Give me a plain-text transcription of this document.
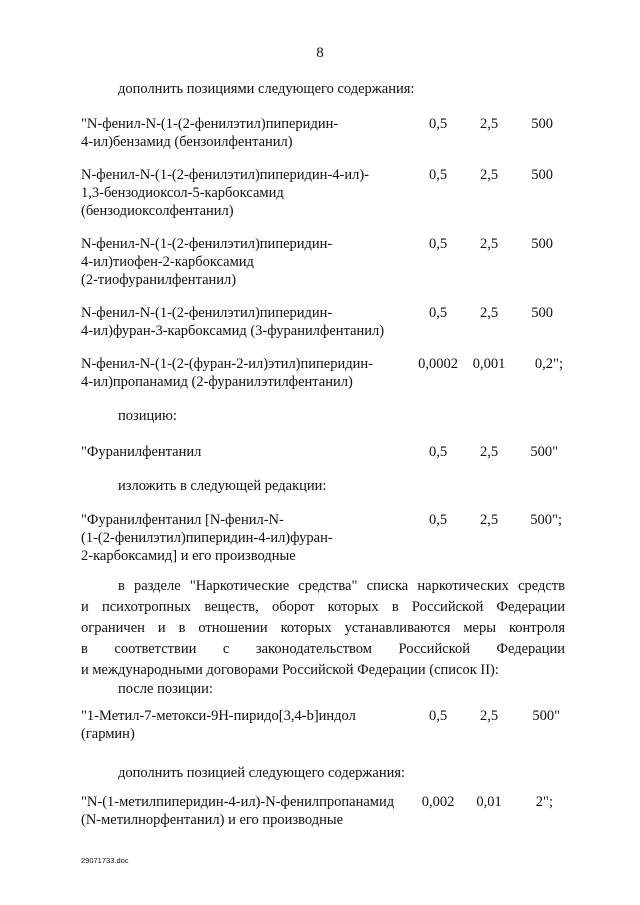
8
дополнить позициями следующего содержания:
"N-фенил-N-(1-(2-фенилэтил)пиперидин-
4-ил)бензамид (бензоилфентанил)
0,5	2,5	500
N-фенил-N-(1-(2-фенилэтил)пиперидин-4-ил)-
1,3-бензодиоксол-5-карбоксамид
(бензодиоксолфентанил)
0,5	2,5	500
N-фенил-N-(1-(2-фенилэтил)пиперидин-
4-ил)тиофен-2-карбоксамид
(2-тиофуранилфентанил)
0,5	2,5	500
N-фенил-N-(1-(2-фенилэтил)пиперидин-
4-ил)фуран-3-карбоксамид (3-фуранилфентанил)
0,5	2,5	500
N-фенил-N-(1-(2-(фуран-2-ил)этил)пиперидин-
4-ил)пропанамид (2-фуранилэтилфентанил)
0,0002	0,001	0,2";
позицию:
"Фуранилфентанил	0,5	2,5	500"
изложить в следующей редакции:
"Фуранилфентанил [N-фенил-N-
(1-(2-фенилэтил)пиперидин-4-ил)фуран-
2-карбоксамид] и его производные
0,5	2,5	500";
в разделе "Наркотические средства" списка наркотических средств
и психотропных веществ, оборот которых в Российской Федерации
ограничен и в отношении которых устанавливаются меры контроля
в соответствии с законодательством Российской Федерации
и международными договорами Российской Федерации (список II):
после позиции:
"1-Метил-7-метокси-9Н-пиридо[3,4-b]индол
(гармин)
0,5	2,5	500"
дополнить позицией следующего содержания:
"N-(1-метилпиперидин-4-ил)-N-фенилпропанамид
(N-метилнорфентанил) и его производные
0,002	0,01	2";
29071733.doc
